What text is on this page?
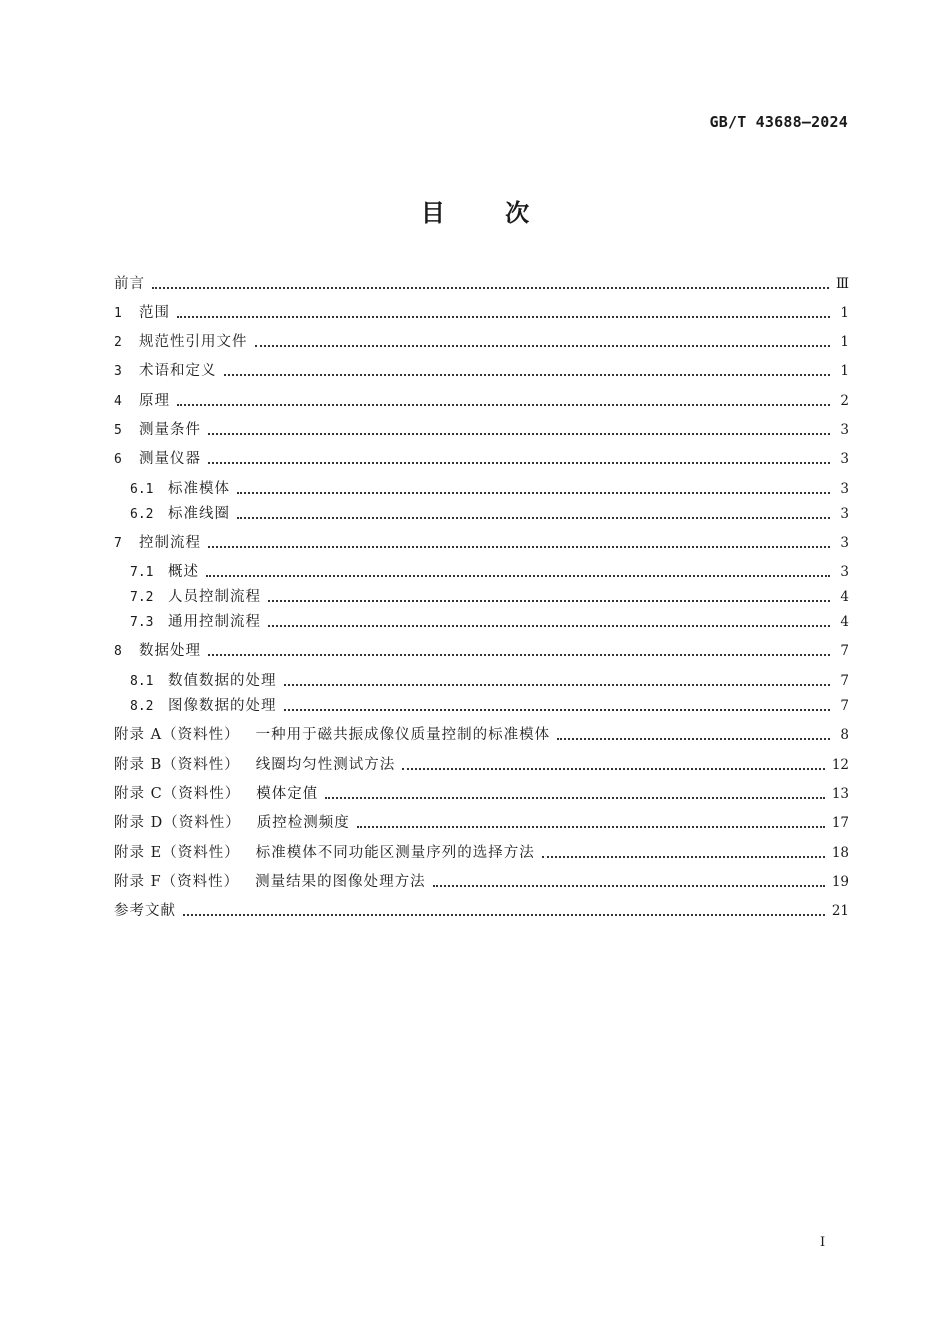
GB/T 43688—2024
目	次
前言	Ⅲ
1	范围	1
2	规范性引用文件	1
3	术语和定义	1
4	原理	2
5	测量条件	3
6	测量仪器	3
6.1	标准模体	3
6.2	标准线圈	3
7	控制流程	3
7.1	概述	3
7.2	人员控制流程	4
7.3	通用控制流程	4
8	数据处理	7
8.1	数值数据的处理	7
8.2	图像数据的处理	7
附录 A（资料性） 一种用于磁共振成像仪质量控制的标准模体	8
附录 B（资料性） 线圈均匀性测试方法	12
附录 C（资料性） 模体定值	13
附录 D（资料性） 质控检测频度	17
附录 E（资料性） 标准模体不同功能区测量序列的选择方法	18
附录 F（资料性） 测量结果的图像处理方法	19
参考文献	21
I
